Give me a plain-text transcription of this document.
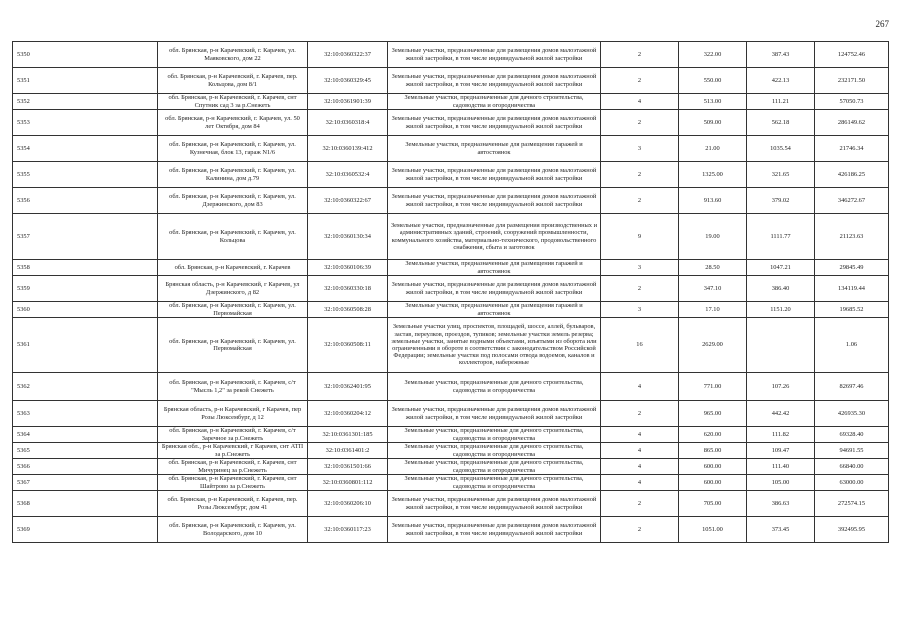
267
5350	обл. Брянская, р-н Карачевский, г. Карачев, ул. Маяковского, дом 22	32:10:0360322:37	Земельные участки, предназначенные для размещения домов малоэтажной жилой застройки, в том числе индивидуальной жилой застройки	2	322.00	387.43	124752.46
5351	обл. Брянская, р-н Карачевский, г. Карачев, пер. Кольцова, дом 8/1	32:10:0360329:45	Земельные участки, предназначенные для размещения домов малоэтажной жилой застройки, в том числе индивидуальной жилой застройки	2	550.00	422.13	232171.50
5352	обл. Брянская, р-н Карачевский, г. Карачев, снт Спутник сад 3 за р.Снежеть	32:10:0361901:39	Земельные участки, предназначенные для дачного строительства, садоводства и огородничества	4	513.00	111.21	57050.73
5353	обл. Брянская, р-н Карачевский, г. Карачев, ул. 50 лет Октября, дом 84	32:10:0360318:4	Земельные участки, предназначенные для размещения домов малоэтажной жилой застройки, в том числе индивидуальной жилой застройки	2	509.00	562.18	286149.62
5354	обл. Брянская, р-н Карачевский, г. Карачев, ул. Кузнечная, блок 13, гараж N1/6	32:10:0360139:412	Земельные участки, предназначенные для размещения гаражей и автостоянок	3	21.00	1035.54	21746.34
5355	обл. Брянская, р-н Карачевский, г. Карачев, ул. Калинина, дом д.79	32:10:0360532:4	Земельные участки, предназначенные для размещения домов малоэтажной жилой застройки, в том числе индивидуальной жилой застройки	2	1325.00	321.65	426186.25
5356	обл. Брянская, р-н Карачевский, г. Карачев, ул. Дзержинского, дом 83	32:10:0360322:67	Земельные участки, предназначенные для размещения домов малоэтажной жилой застройки, в том числе индивидуальной жилой застройки	2	913.60	379.02	346272.67
5357	обл. Брянская, р-н Карачевский, г. Карачев, ул. Кольцова	32:10:0360130:34	Земельные участки, предназначенные для размещения производственных и административных зданий, строений, сооружений промышленности, коммунального хозяйства, материально-технического, продовольственного снабжения, сбыта и заготовок	9	19.00	1111.77	21123.63
5358	обл. Брянская, р-н Карачевский, г. Карачев	32:10:0360106:39	Земельные участки, предназначенные для размещения гаражей и автостоянок	3	28.50	1047.21	29845.49
5359	Брянская область, р-н Карачевский, г Карачев, ул Дзержинского, д 82	32:10:0360330:18	Земельные участки, предназначенные для размещения домов малоэтажной жилой застройки, в том числе индивидуальной жилой застройки	2	347.10	386.40	134119.44
5360	обл. Брянская, р-н Карачевский, г. Карачев, ул. Первомайская	32:10:0360508:28	Земельные участки, предназначенные для размещения гаражей и автостоянок	3	17.10	1151.20	19685.52
5361	обл. Брянская, р-н Карачевский, г. Карачев, ул. Первомайская	32:10:0360508:11	Земельные участки улиц, проспектов, площадей, шоссе, аллей, бульваров, застав, переулков, проездов, тупиков; земельные участки земель резерва; земельные участки, занятые водными объектами, изъятыми из оборота или ограниченными в обороте в соответствии с законодательством Российской Федерации; земельные участки под полосами отвода водоемов, каналов и коллекторов, набережные	16	2629.00		1.06
5362	обл. Брянская, р-н Карачевский, г. Карачев, с/т "Мысль 1,2" за рекой Снежеть	32:10:0362401:95	Земельные участки, предназначенные для дачного строительства, садоводства и огородничества	4	771.00	107.26	82697.46
5363	Брянская область, р-н Карачевский, г Карачев, пер Розы Люксембург, д 12	32:10:0360204:12	Земельные участки, предназначенные для размещения домов малоэтажной жилой застройки, в том числе индивидуальной жилой застройки	2	965.00	442.42	426935.30
5364	обл. Брянская, р-н Карачевский, г. Карачев, с/т Заречное за р.Снежеть	32:10:0361301:185	Земельные участки, предназначенные для дачного строительства, садоводства и огородничества	4	620.00	111.82	69328.40
5365	Брянская обл., р-н Карачевский, г Карачев, снт АТП за р.Снежеть	32:10:0361401:2	Земельные участки, предназначенные для дачного строительства, садоводства и огородничества	4	865.00	109.47	94691.55
5366	обл. Брянская, р-н Карачевский, г. Карачев, снт Мичуринец за р.Снежеть	32:10:0361501:66	Земельные участки, предназначенные для дачного строительства, садоводства и огородничества	4	600.00	111.40	66840.00
5367	обл. Брянская, р-н Карачевский, г. Карачев, снт Шайтрово за р.Снежеть	32:10:0360801:112	Земельные участки, предназначенные для дачного строительства, садоводства и огородничества	4	600.00	105.00	63000.00
5368	обл. Брянская, р-н Карачевский, г. Карачев, пер. Розы Люксембург, дом 41	32:10:0360206:10	Земельные участки, предназначенные для размещения домов малоэтажной жилой застройки, в том числе индивидуальной жилой застройки	2	705.00	386.63	272574.15
5369	обл. Брянская, р-н Карачевский, г. Карачев, ул. Володарского, дом 10	32:10:0360117:23	Земельные участки, предназначенные для размещения домов малоэтажной жилой застройки, в том числе индивидуальной жилой застройки	2	1051.00	373.45	392495.95
